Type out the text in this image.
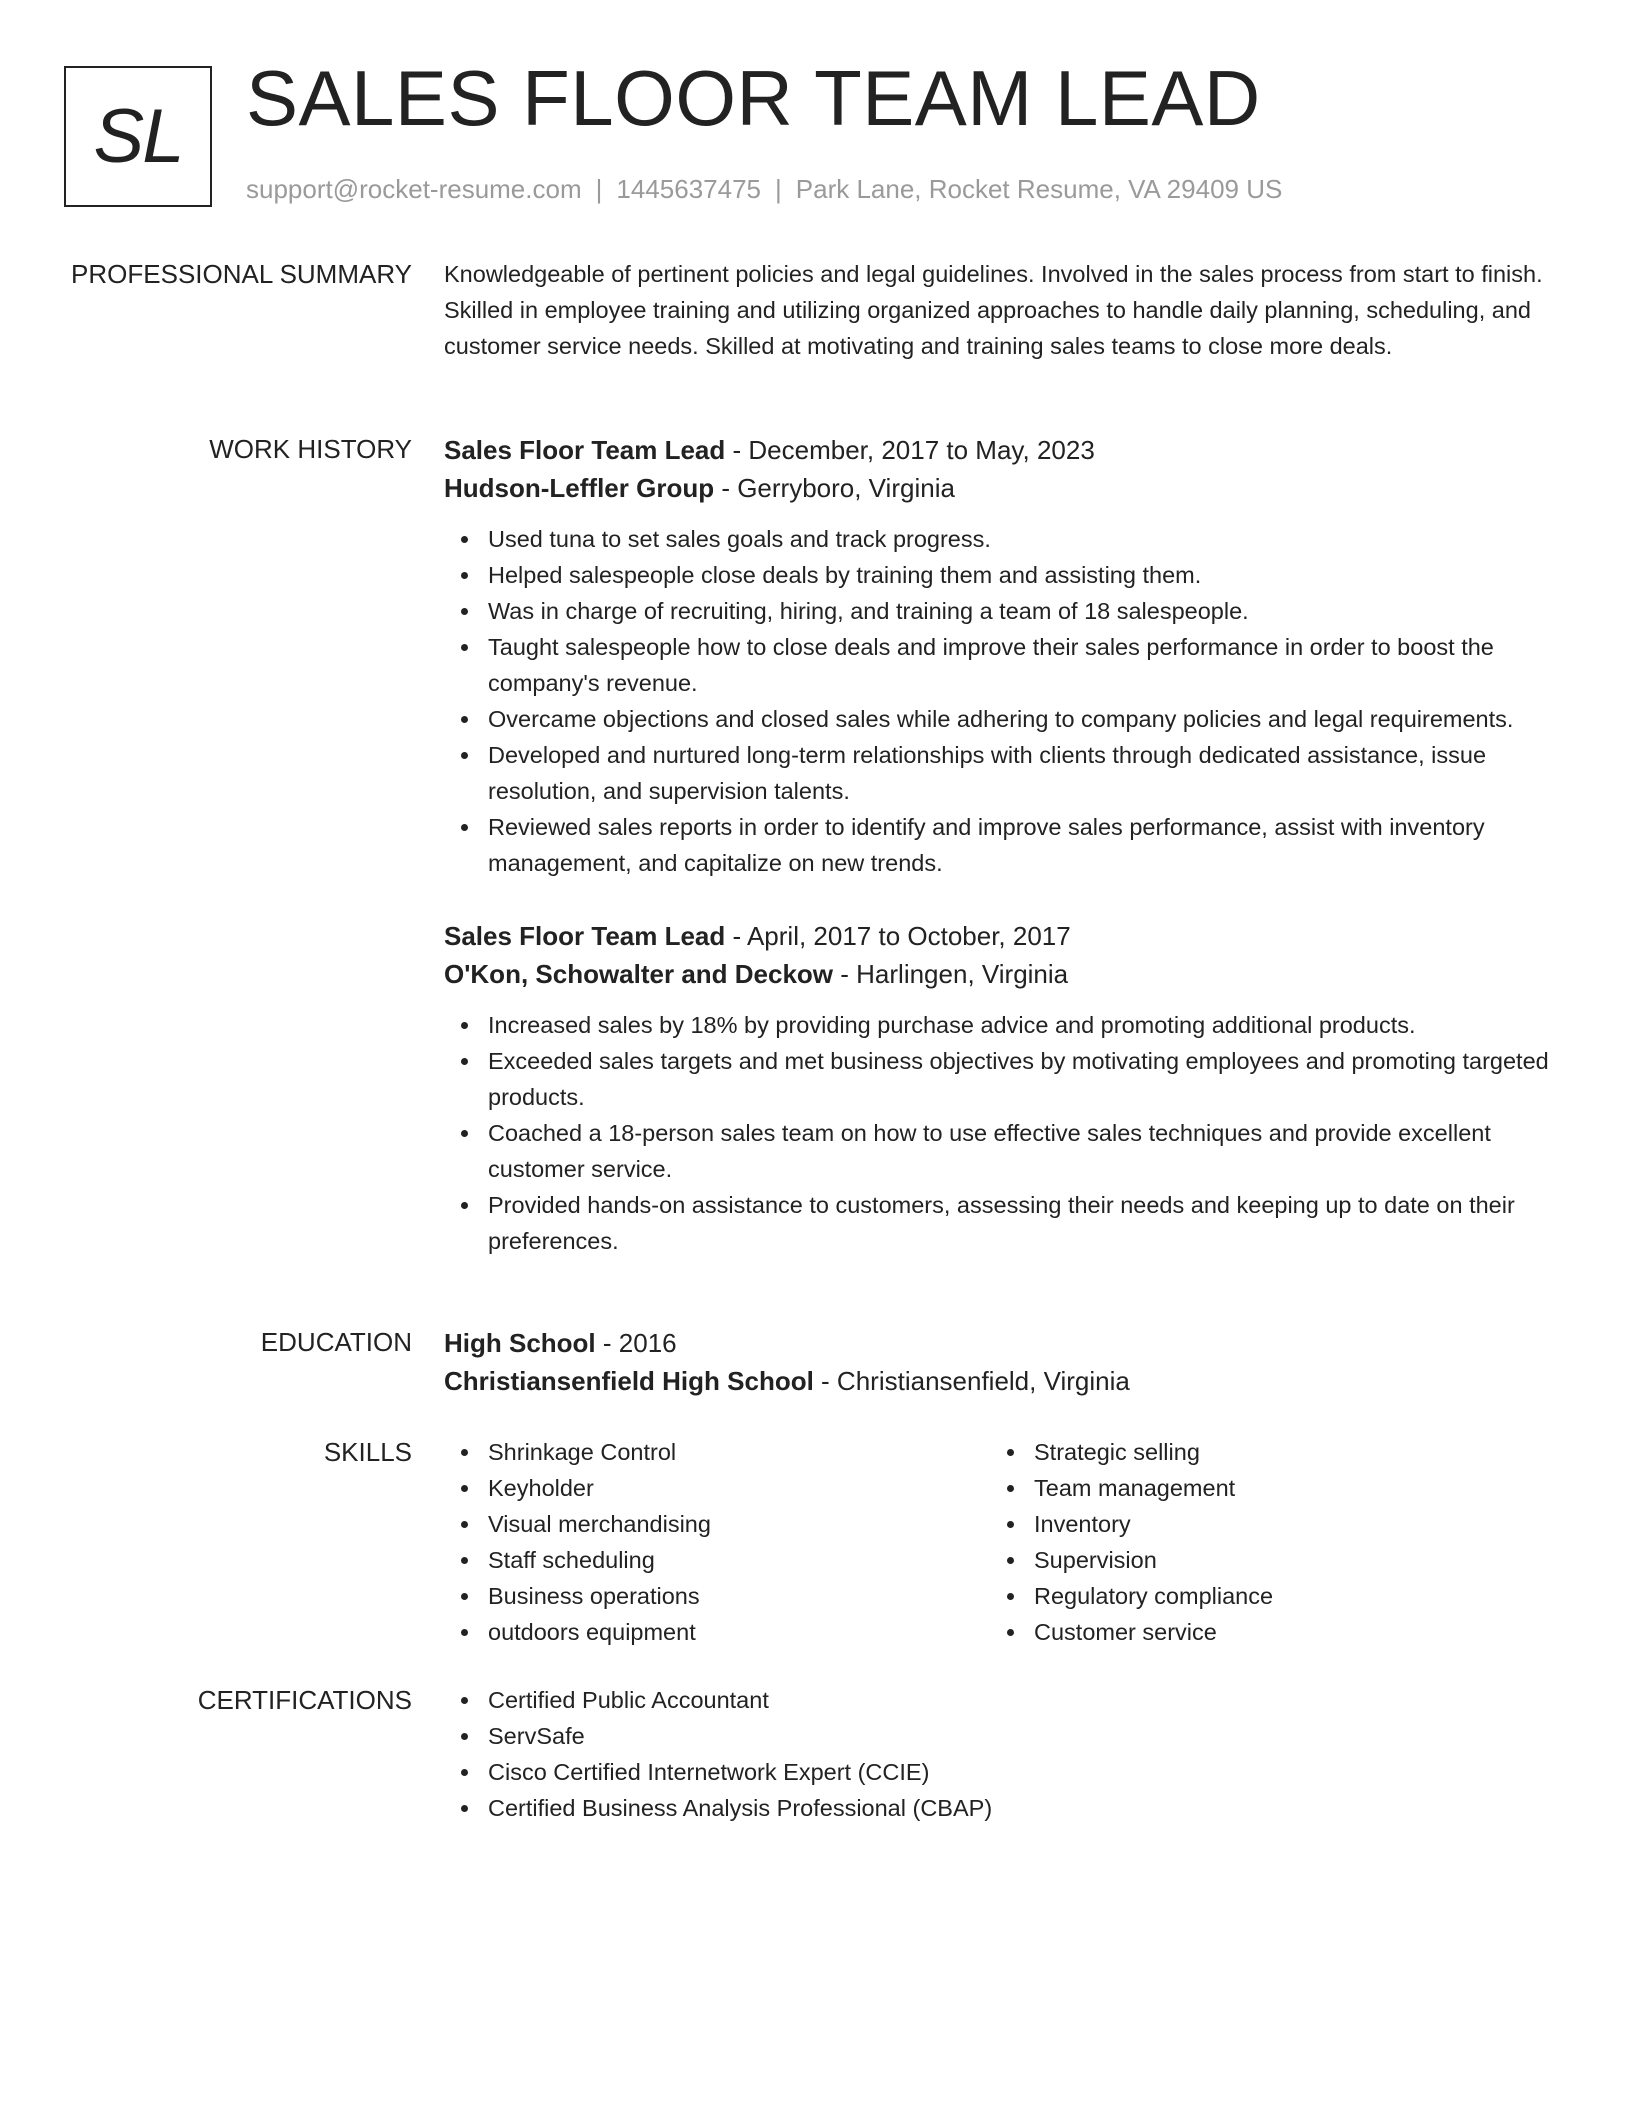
SL SALES FLOOR TEAM LEAD
support@rocket-resume.com | 1445637475 | Park Lane, Rocket Resume, VA 29409 US
PROFESSIONAL SUMMARY Knowledgeable of pertinent policies and legal guidelines. Involved in the sales process from start to finish. Skilled in employee training and utilizing organized approaches to handle daily planning, scheduling, and customer service needs. Skilled at motivating and training sales teams to close more deals.

WORK HISTORY Sales Floor Team Lead - December, 2017 to May, 2023
Hudson-Leffler Group - Gerryboro, Virginia
Used tuna to set sales goals and track progress.
Helped salespeople close deals by training them and assisting them.
Was in charge of recruiting, hiring, and training a team of 18 salespeople.
Taught salespeople how to close deals and improve their sales performance in order to boost the company's revenue.
Overcame objections and closed sales while adhering to company policies and legal requirements.
Developed and nurtured long-term relationships with clients through dedicated assistance, issue resolution, and supervision talents.
Reviewed sales reports in order to identify and improve sales performance, assist with inventory management, and capitalize on new trends.
Sales Floor Team Lead - April, 2017 to October, 2017
O'Kon, Schowalter and Deckow - Harlingen, Virginia
Increased sales by 18% by providing purchase advice and promoting additional products.
Exceeded sales targets and met business objectives by motivating employees and promoting targeted products.
Coached a 18-person sales team on how to use effective sales techniques and provide excellent customer service.
Provided hands-on assistance to customers, assessing their needs and keeping up to date on their preferences.
EDUCATION High School - 2016
Christiansenfield High School - Christiansenfield, Virginia
SKILLS	Shrinkage Control
Keyholder
Visual merchandising
Staff scheduling
Business operations
outdoors equipment
Strategic selling
Team management
Inventory
Supervision
Regulatory compliance
Customer service
CERTIFICATIONS	Certified Public Accountant
ServSafe
Cisco Certified Internetwork Expert (CCIE)
Certified Business Analysis Professional (CBAP)
